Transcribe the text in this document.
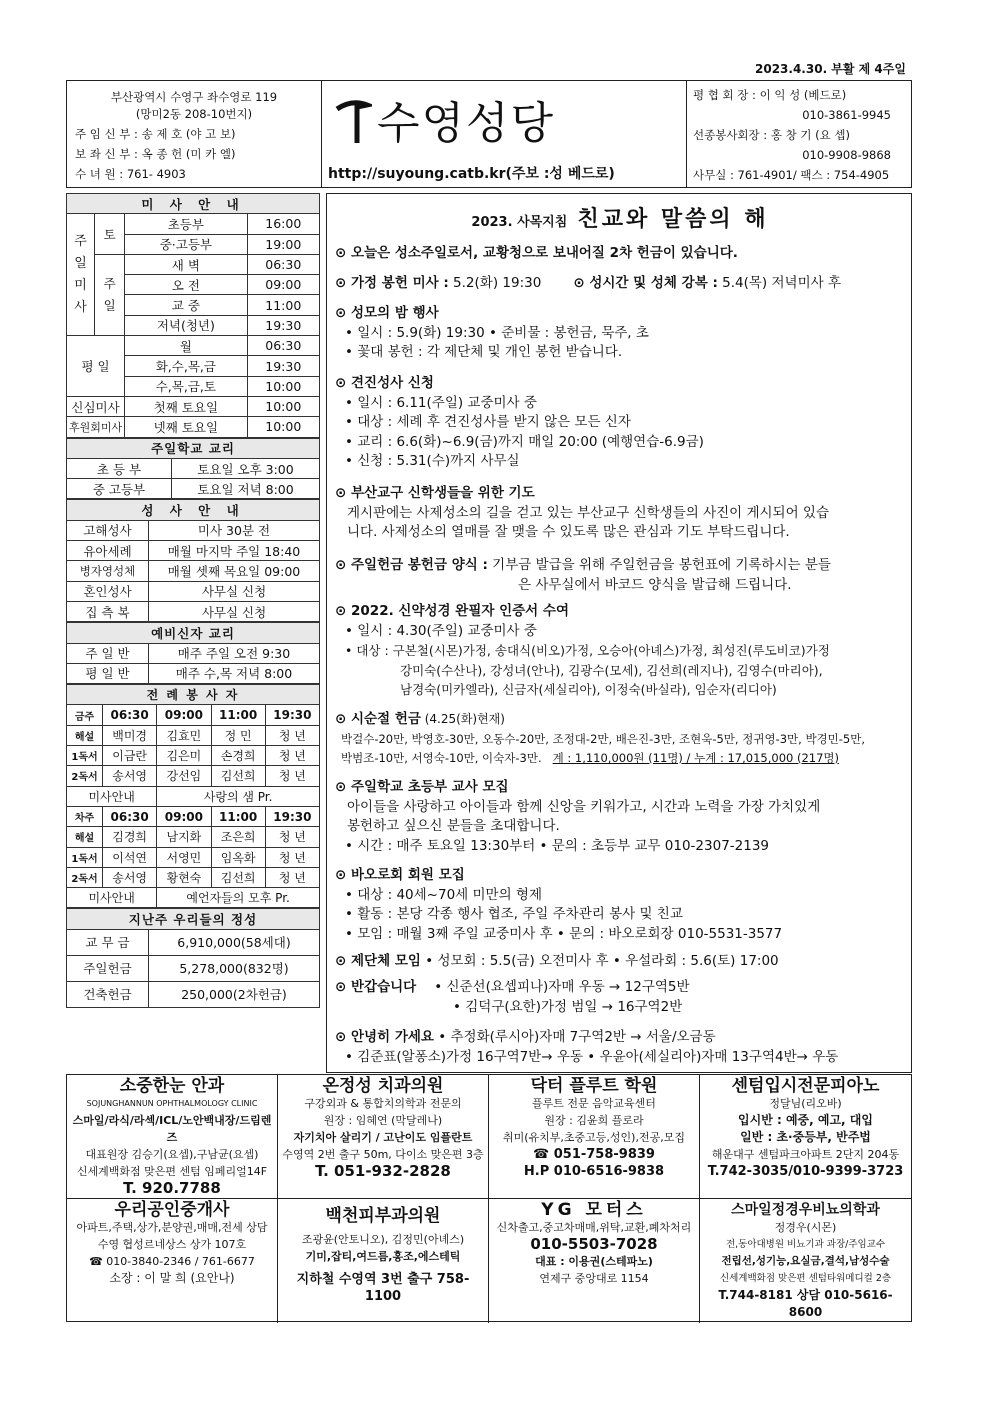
2023.4.30. 부활 제 4주일
부산광역시 수영구 좌수영로 119
(망미2동 208-10번지)
주 임 신 부 : 송 제 호 (야 고 보)
보 좌 신 부 : 옥 종 헌 (미 카 엘)
수 녀 원 : 761- 4903
수영성당
http://suyoung.catb.kr(주보 :성 베드로)
평 협 회 장 : 이 익 성 (베드로)
010-3861-9945
선종봉사회장 : 홍 창 기 (요 셉)
010-9908-9868
사무실 : 761-4901/ 팩스 : 754-4905
미 사 안 내			
주
일
미
사	토	초등부	16:00
		중·고등부	19:00
	주
일	새 벽	06:30
		오 전	09:00
		교 중	11:00
		저녁(청년)	19:30
평 일		월	06:30
		화,수,목,금	19:30
		수,목,금,토	10:00
신심미사		첫째 토요일	10:00
후원회미사		넷째 토요일	10:00
주일학교 교리	
초 등 부	토요일 오후 3:00
중 고등부	토요일 저녁 8:00
성 사 안 내	
고해성사	미사 30분 전
유아세례	매월 마지막 주일 18:40
병자영성체	매월 셋째 목요일 09:00
혼인성사	사무실 신청
집 측 복	사무실 신청
예비신자 교리	
주 일 반	매주 주일 오전 9:30
평 일 반	매주 수,목 저녁 8:00
전 례 봉 사 자				
금주	06:30	09:00	11:00	19:30
해설	백미경	김효민	정 민	청 년
1독서	이금란	김은미	손경희	청 년
2독서	송서영	강선임	김선희	청 년
미사안내		사랑의 샘 Pr.		
차주	06:30	09:00	11:00	19:30
해설	김경희	남지화	조은희	청 년
1독서	이석연	서영민	임옥화	청 년
2독서	송서영	황현숙	김선희	청 년
미사안내		예언자들의 모후 Pr.		
지난주 우리들의 정성	
교 무 금	6,910,000(58세대)
주일헌금	5,278,000(832명)
건축헌금	250,000(2차헌금)
2023. 사목지침 친교와 말씀의 해
⊙ 오늘은 성소주일로서, 교황청으로 보내어질 2차 헌금이 있습니다.
⊙ 가정 봉헌 미사 : 5.2(화) 19:30 ⊙ 성시간 및 성체 강복 : 5.4(목) 저녁미사 후
⊙ 성모의 밤 행사
• 일시 : 5.9(화) 19:30 • 준비물 : 봉헌금, 묵주, 초
• 꽃대 봉헌 : 각 제단체 및 개인 봉헌 받습니다.
⊙ 견진성사 신청
• 일시 : 6.11(주일) 교중미사 중
• 대상 : 세례 후 견진성사를 받지 않은 모든 신자
• 교리 : 6.6(화)~6.9(금)까지 매일 20:00 (예행연습-6.9금)
• 신청 : 5.31(수)까지 사무실
⊙ 부산교구 신학생들을 위한 기도
게시판에는 사제성소의 길을 걷고 있는 부산교구 신학생들의 사진이 게시되어 있습
니다. 사제성소의 열매를 잘 맺을 수 있도록 많은 관심과 기도 부탁드립니다.
⊙ 주일헌금 봉헌금 양식 : 기부금 발급을 위해 주일헌금을 봉헌표에 기록하시는 분들
은 사무실에서 바코드 양식을 발급해 드립니다.
⊙ 2022. 신약성경 완필자 인증서 수여
• 일시 : 4.30(주일) 교중미사 중
• 대상 : 구본철(시몬)가정, 송대식(비오)가정, 오승아(아녜스)가정, 최성진(루도비코)가정
강미숙(수산나), 강성녀(안나), 김광수(모세), 김선희(레지나), 김영수(마리아),
남경숙(미카엘라), 신금자(세실리아), 이정숙(바실라), 임순자(리디아)
⊙ 시순절 헌금 (4.25(화)현재)
박걸수-20만, 박영호-30만, 오동수-20만, 조정대-2만, 배은진-3만, 조현욱-5만, 정귀영-3만, 박경민-5만,
박범조-10만, 서영숙-10만, 이숙자-3만. 계 : 1,110,000원 (11명) / 누계 : 17,015,000 (217명)
⊙ 주일학교 초등부 교사 모집
아이들을 사랑하고 아이들과 함께 신앙을 키워가고, 시간과 노력을 가장 가치있게
봉헌하고 싶으신 분들을 초대합니다.
• 시간 : 매주 토요일 13:30부터 • 문의 : 초등부 교무 010-2307-2139
⊙ 바오로회 회원 모집
• 대상 : 40세~70세 미만의 형제
• 활동 : 본당 각종 행사 협조, 주일 주차관리 봉사 및 친교
• 모임 : 매월 3째 주일 교중미사 후 • 문의 : 바오로회장 010-5531-3577
⊙ 제단체 모임 • 성모회 : 5.5(금) 오전미사 후 • 우설라회 : 5.6(토) 17:00
⊙ 반갑습니다 • 신준선(요셉피나)자매 우동 → 12구역5반
• 김덕구(요한)가정 범일 → 16구역2반
⊙ 안녕히 가세요 • 추정화(루시아)자매 7구역2반 → 서울/오금동
• 김준표(알퐁소)가정 16구역7반→ 우동 • 우윤아(세실리아)자매 13구역4반→ 우동
소중한눈 안과
SOJUNGHANNUN OPHTHALMOLOGY CLINIC
스마일/라식/라섹/ICL/노안백내장/드림렌즈
대표원장 김승기(요셉),구남균(요셉)
신세계백화점 맞은편 센텀 임페리얼14F
T. 920.7788
온정성 치과의원
구강외과 & 통합치의학과 전문의
원장 : 임혜연 (막달레나)
자기치아 살리기 / 고난이도 임플란트
수영역 2번 출구 50m, 다이소 맞은편 3층
T. 051-932-2828
닥터 플루트 학원
플루트 전문 음악교육센터
원장 : 김윤희 플로라
취미(유치부,초중고등,성인),전공,모집
☎ 051-758-9839
H.P 010-6516-9838
센텀입시전문피아노
정달님(리오바)
입시반 : 예중, 예고, 대입
일반 : 초·중등부, 반주법
해운대구 센텀파크아파트 2단지 204동
T.742-3035/010-9399-3723
우리공인중개사
아파트,주택,상가,분양권,매매,전세 상담
수영 협성르네상스 상가 107호
☎ 010-3840-2346 / 761-6677
소장 : 이 말 희 (요안나)
백천피부과의원
조광윤(안토니오), 김정민(아녜스)
기미,잡티,여드름,홍조,에스테틱
지하철 수영역 3번 출구 758-1100
YG 모터스
신차출고,중고차매매,위탁,교환,폐차처리
010-5503-7028
대표 : 이용권(스테파노)
연제구 중앙대로 1154
스마일정경우비뇨의학과
정경우(시몬)
전,동아대병원 비뇨기과 과장/주임교수
전립선,성기능,요실금,결석,남성수술
신세계백화점 맞은편 센텀타워메디컬 2층
T.744-8181 상담 010-5616-8600
